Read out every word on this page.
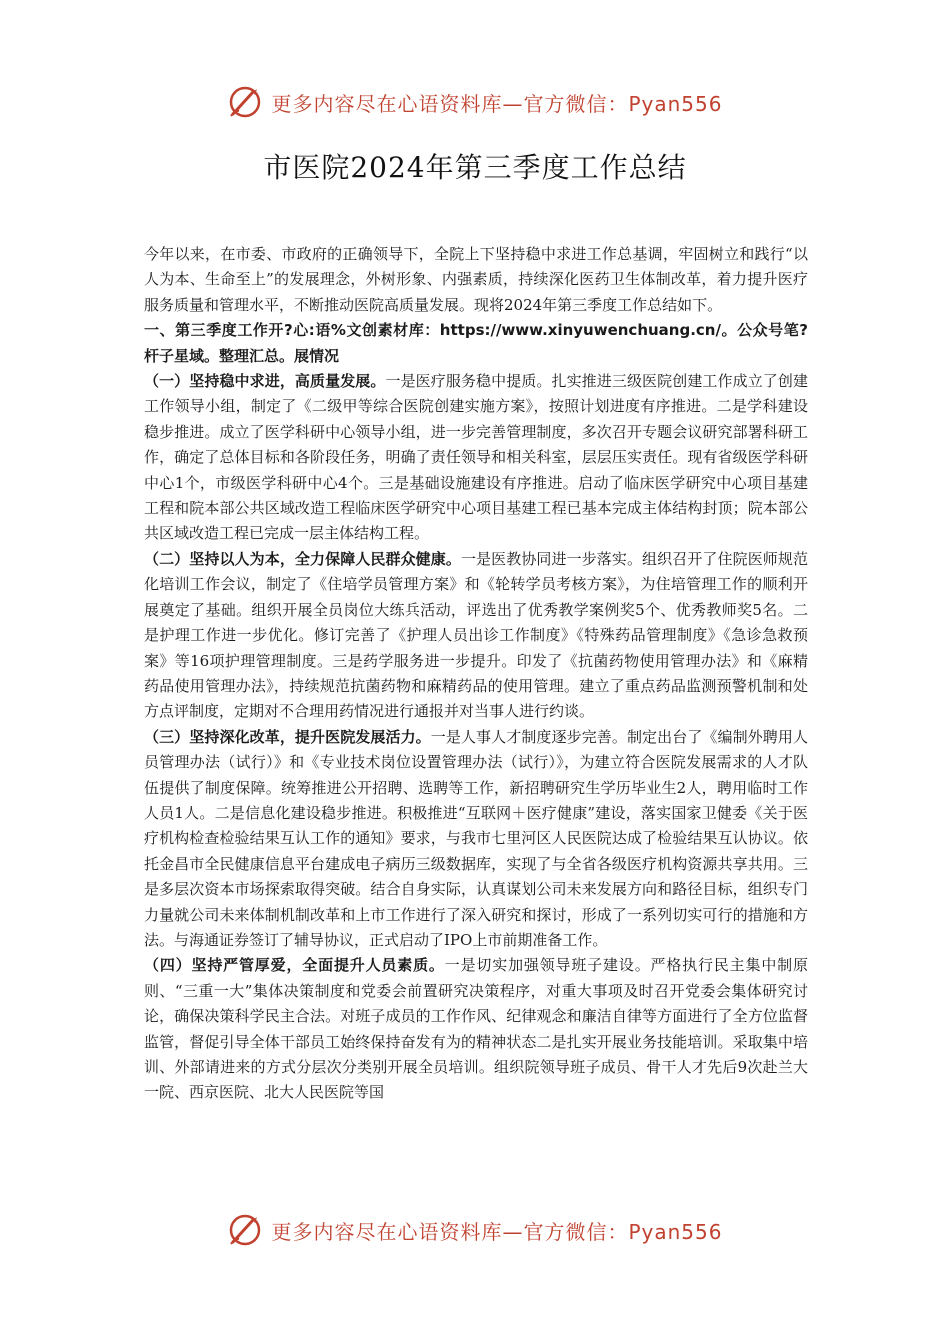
更多内容尽在心语资料库—官方微信：Pyan556
市医院2024年第三季度工作总结

今年以来，在市委、市政府的正确领导下，全院上下坚持稳中求进工作总基调，牢固树立和践行“以人为本、生命至上”的发展理念，外树形象、内强素质，持续深化医药卫生体制改革，着力提升医疗服务质量和管理水平，不断推动医院高质量发展。现将2024年第三季度工作总结如下。

一、第三季度工作开?心:语%文创素材库：https://www.xinyuwenchuang.cn/。公众号笔?杆子星域。整理汇总。展情况

（一）坚持稳中求进，高质量发展。一是医疗服务稳中提质。扎实推进三级医院创建工作成立了创建工作领导小组，制定了《二级甲等综合医院创建实施方案》，按照计划进度有序推进。二是学科建设稳步推进。成立了医学科研中心领导小组，进一步完善管理制度，多次召开专题会议研究部署科研工作，确定了总体目标和各阶段任务，明确了责任领导和相关科室，层层压实责任。现有省级医学科研中心1个，市级医学科研中心4个。三是基础设施建设有序推进。启动了临床医学研究中心项目基建工程和院本部公共区域改造工程临床医学研究中心项目基建工程已基本完成主体结构封顶；院本部公共区域改造工程已完成一层主体结构工程。

（二）坚持以人为本，全力保障人民群众健康。一是医教协同进一步落实。组织召开了住院医师规范化培训工作会议，制定了《住培学员管理方案》和《轮转学员考核方案》，为住培管理工作的顺利开展奠定了基础。组织开展全员岗位大练兵活动，评选出了优秀教学案例奖5个、优秀教师奖5名。二是护理工作进一步优化。修订完善了《护理人员出诊工作制度》《特殊药品管理制度》《急诊急救预案》等16项护理管理制度。三是药学服务进一步提升。印发了《抗菌药物使用管理办法》和《麻精药品使用管理办法》，持续规范抗菌药物和麻精药品的使用管理。建立了重点药品监测预警机制和处方点评制度，定期对不合理用药情况进行通报并对当事人进行约谈。

（三）坚持深化改革，提升医院发展活力。一是人事人才制度逐步完善。制定出台了《编制外聘用人员管理办法（试行）》和《专业技术岗位设置管理办法（试行）》，为建立符合医院发展需求的人才队伍提供了制度保障。统筹推进公开招聘、选聘等工作，新招聘研究生学历毕业生2人，聘用临时工作人员1人。二是信息化建设稳步推进。积极推进“互联网＋医疗健康”建设，落实国家卫健委《关于医疗机构检查检验结果互认工作的通知》要求，与我市七里河区人民医院达成了检验结果互认协议。依托金昌市全民健康信息平台建成电子病历三级数据库，实现了与全省各级医疗机构资源共享共用。三是多层次资本市场探索取得突破。结合自身实际，认真谋划公司未来发展方向和路径目标，组织专门力量就公司未来体制机制改革和上市工作进行了深入研究和探讨，形成了一系列切实可行的措施和方法。与海通证券签订了辅导协议，正式启动了IPO上市前期准备工作。

（四）坚持严管厚爱，全面提升人员素质。一是切实加强领导班子建设。严格执行民主集中制原则、“三重一大”集体决策制度和党委会前置研究决策程序，对重大事项及时召开党委会集体研究讨论，确保决策科学民主合法。对班子成员的工作作风、纪律观念和廉洁自律等方面进行了全方位监督监管，督促引导全体干部员工始终保持奋发有为的精神状态二是扎实开展业务技能培训。采取集中培训、外部请进来的方式分层次分类别开展全员培训。组织院领导班子成员、骨干人才先后9次赴兰大一院、西京医院、北大人民医院等国

更多内容尽在心语资料库—官方微信：Pyan556
